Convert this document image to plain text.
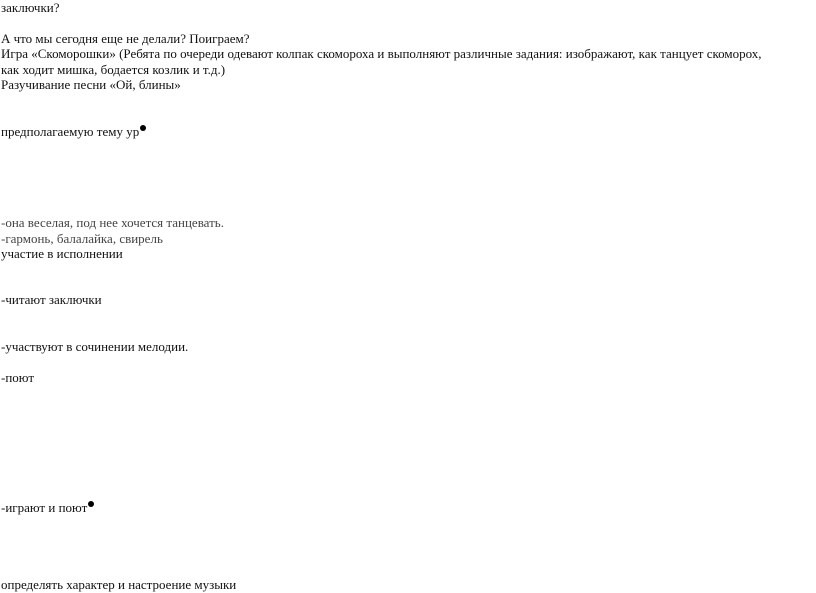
заключки?
А что мы сегодня еще не делали? Поиграем?
Игра «Скоморошки» (Ребята по очереди одевают колпак скомороха и выполняют различные задания: изображают, как танцует скоморох,
как ходит мишка, бодается козлик и т.д.)
Разучивание песни «Ой, блины»
предполагаемую тему ур
-она веселая, под нее хочется танцевать.
-гармонь, балалайка, свирель
участие в исполнении
-читают заключки
-участвуют в сочинении мелодии.
-поют
-играют и поют
определять характер и настроение музыки
